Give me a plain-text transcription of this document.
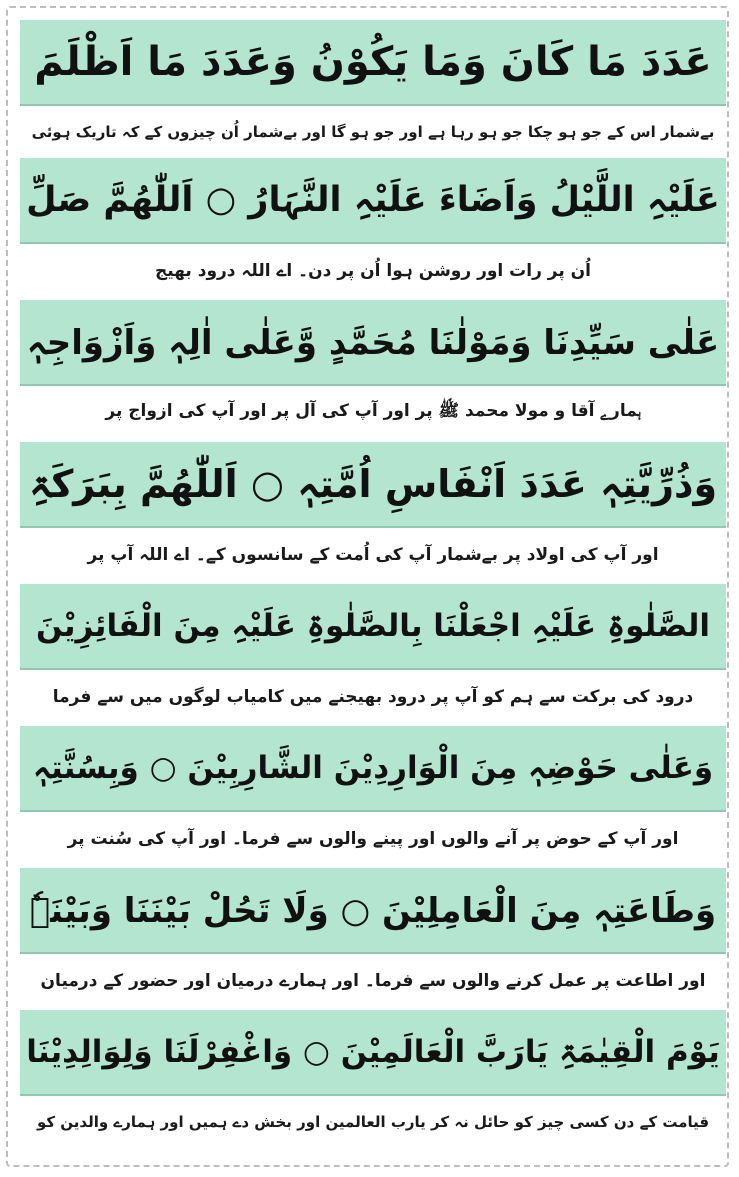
عَدَدَ مَا کَانَ وَمَا یَکُوْنُ وَعَدَدَ مَا اَظْلَمَ
بےشمار اس کے جو ہو چکا جو ہو رہا ہے اور جو ہو گا اور بےشمار اُن چیزوں کے کہ تاریک ہوئی
عَلَیْہِ اللَّیْلُ وَاَضَاءَ عَلَیْہِ النَّہَارُ ○ اَللّٰھُمَّ صَلِّ
اُن پر رات اور روشن ہوا اُن پر دن۔ اے اللہ درود بھیج
عَلٰی سَیِّدِنَا وَمَوْلٰنَا مُحَمَّدٍ وَّعَلٰی اٰلِہٖ وَاَزْوَاجِہٖ
ہمارے آقا و مولا محمد ﷺ پر اور آپ کی آل پر اور آپ کی ازواج پر
وَذُرِّیَّتِہٖ عَدَدَ اَنْفَاسِ اُمَّتِہٖ ○ اَللّٰھُمَّ بِبَرَکَۃِ
اور آپ کی اولاد پر بےشمار آپ کی اُمت کے سانسوں کے۔ اے اللہ آپ پر
الصَّلٰوۃِ عَلَیْہِ اجْعَلْنَا بِالصَّلٰوۃِ عَلَیْہِ مِنَ الْفَائِزِیْنَ
درود کی برکت سے ہم کو آپ پر درود بھیجنے میں کامیاب لوگوں میں سے فرما
وَعَلٰی حَوْضِہٖ مِنَ الْوَارِدِیْنَ الشَّارِبِیْنَ ○ وَبِسُنَّتِہٖ
اور آپ کے حوض پر آنے والوں اور پینے والوں سے فرما۔ اور آپ کی سُنت پر
وَطَاعَتِہٖ مِنَ الْعَامِلِیْنَ ○ وَلَا تَحُلْ بَیْنَنَا وَبَیْنَہٗ
اور اطاعت پر عمل کرنے والوں سے فرما۔ اور ہمارے درمیان اور حضور کے درمیان
یَوْمَ الْقِیٰمَۃِ یَارَبَّ الْعَالَمِیْنَ ○ وَاغْفِرْلَنَا وَلِوَالِدِیْنَا
قیامت کے دن کسی چیز کو حائل نہ کر یارب العالمین اور بخش دے ہمیں اور ہمارے والدین کو
